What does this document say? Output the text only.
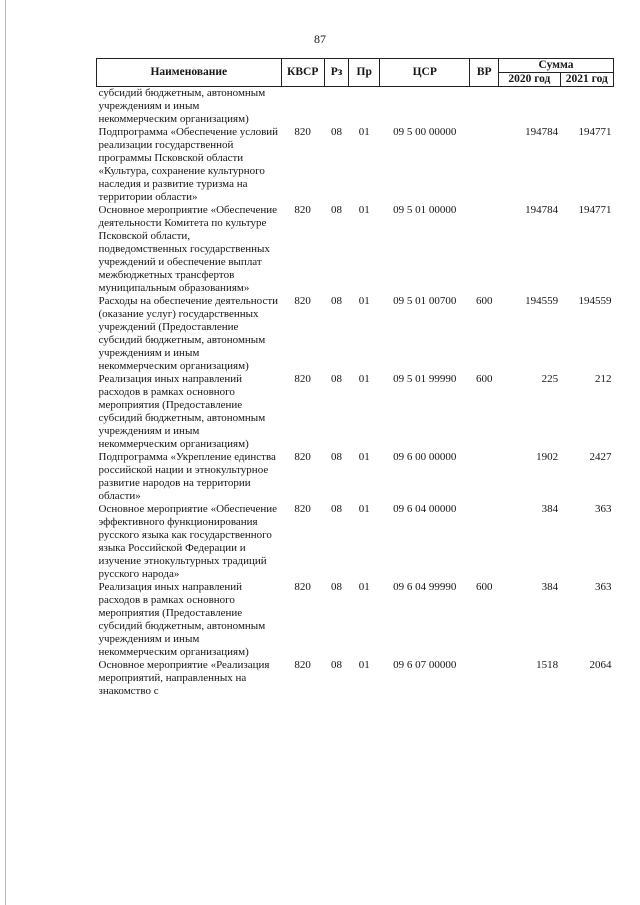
87
Наименование	КВСР	Рз	Пр	ЦСР	ВР	Сумма	
						2020 год	2021 год
субсидий бюджетным, автономным учреждениям и иным некоммерческим организациям)							
Подпрограмма «Обеспечение условий реализации государственной программы Псковской области «Культура, сохранение культурного наследия и развитие туризма на территории области»	820	08	01	09 5 00 00000		194784	194771
Основное мероприятие «Обеспечение деятельности Комитета по культуре Псковской области, подведомственных государственных учреждений и обеспечение выплат межбюджетных трансфертов муниципальным образованиям»	820	08	01	09 5 01 00000		194784	194771
Расходы на обеспечение деятельности (оказание услуг) государственных учреждений (Предоставление субсидий бюджетным, автономным учреждениям и иным некоммерческим организациям)	820	08	01	09 5 01 00700	600	194559	194559
Реализация иных направлений расходов в рамках основного мероприятия (Предоставление субсидий бюджетным, автономным учреждениям и иным некоммерческим организациям)	820	08	01	09 5 01 99990	600	225	212
Подпрограмма «Укрепление единства российской нации и этнокультурное развитие народов на территории области»	820	08	01	09 6 00 00000		1902	2427
Основное мероприятие «Обеспечение эффективного функционирования русского языка как государственного языка Российской Федерации и изучение этнокультурных традиций русского народа»	820	08	01	09 6 04 00000		384	363
Реализация иных направлений расходов в рамках основного мероприятия (Предоставление субсидий бюджетным, автономным учреждениям и иным некоммерческим организациям)	820	08	01	09 6 04 99990	600	384	363
Основное мероприятие «Реализация мероприятий, направленных на знакомство с	820	08	01	09 6 07 00000		1518	2064
